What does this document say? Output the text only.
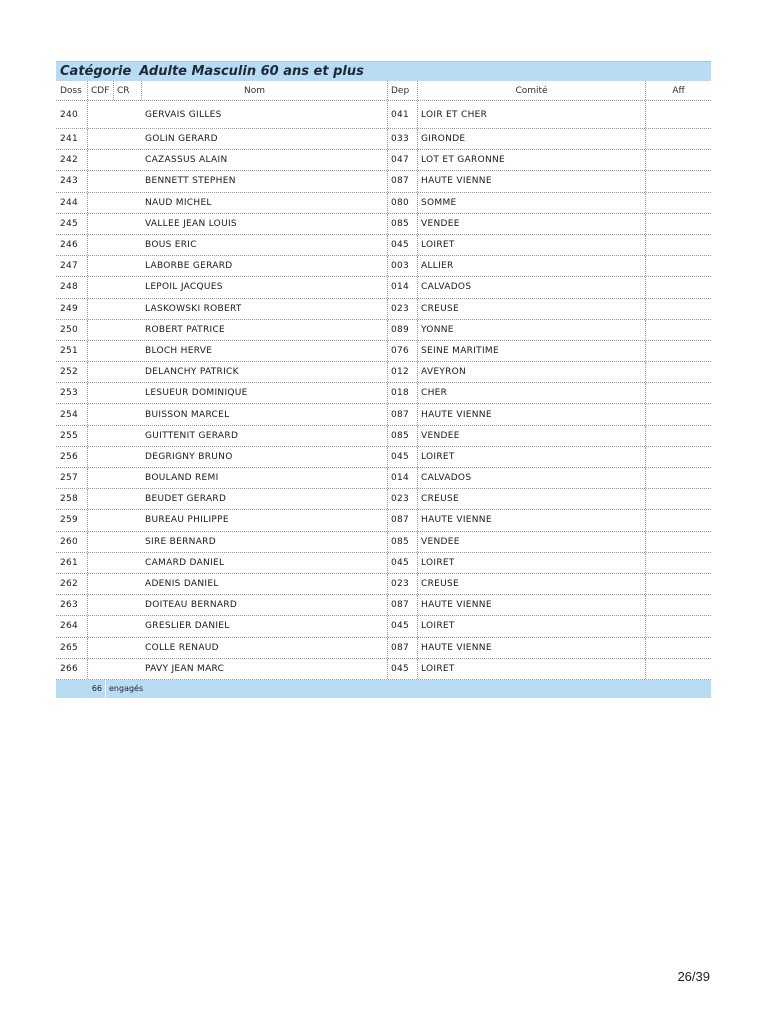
Catégorie Adulte Masculin 60 ans et plus
Doss	CDF CR	Nom	Dep	Comité	Aff
240	GERVAIS GILLES	041	LOIR ET CHER
241	GOLIN GERARD	033	GIRONDE
242	CAZASSUS ALAIN	047	LOT ET GARONNE
243	BENNETT STEPHEN	087	HAUTE VIENNE
244	NAUD MICHEL	080	SOMME
245	VALLEE JEAN LOUIS	085	VENDEE
246	BOUS ERIC	045	LOIRET
247	LABORBE GERARD	003	ALLIER
248	LEPOIL JACQUES	014	CALVADOS
249	LASKOWSKI ROBERT	023	CREUSE
250	ROBERT PATRICE	089	YONNE
251	BLOCH HERVE	076	SEINE MARITIME
252	DELANCHY PATRICK	012	AVEYRON
253	LESUEUR DOMINIQUE	018	CHER
254	BUISSON MARCEL	087	HAUTE VIENNE
255	GUITTENIT GERARD	085	VENDEE
256	DEGRIGNY BRUNO	045	LOIRET
257	BOULAND REMI	014	CALVADOS
258	BEUDET GERARD	023	CREUSE
259	BUREAU PHILIPPE	087	HAUTE VIENNE
260	SIRE BERNARD	085	VENDEE
261	CAMARD DANIEL	045	LOIRET
262	ADENIS DANIEL	023	CREUSE
263	DOITEAU BERNARD	087	HAUTE VIENNE
264	GRESLIER DANIEL	045	LOIRET
265	COLLE RENAUD	087	HAUTE VIENNE
266	PAVY JEAN MARC	045	LOIRET
66 engagés
26/39
